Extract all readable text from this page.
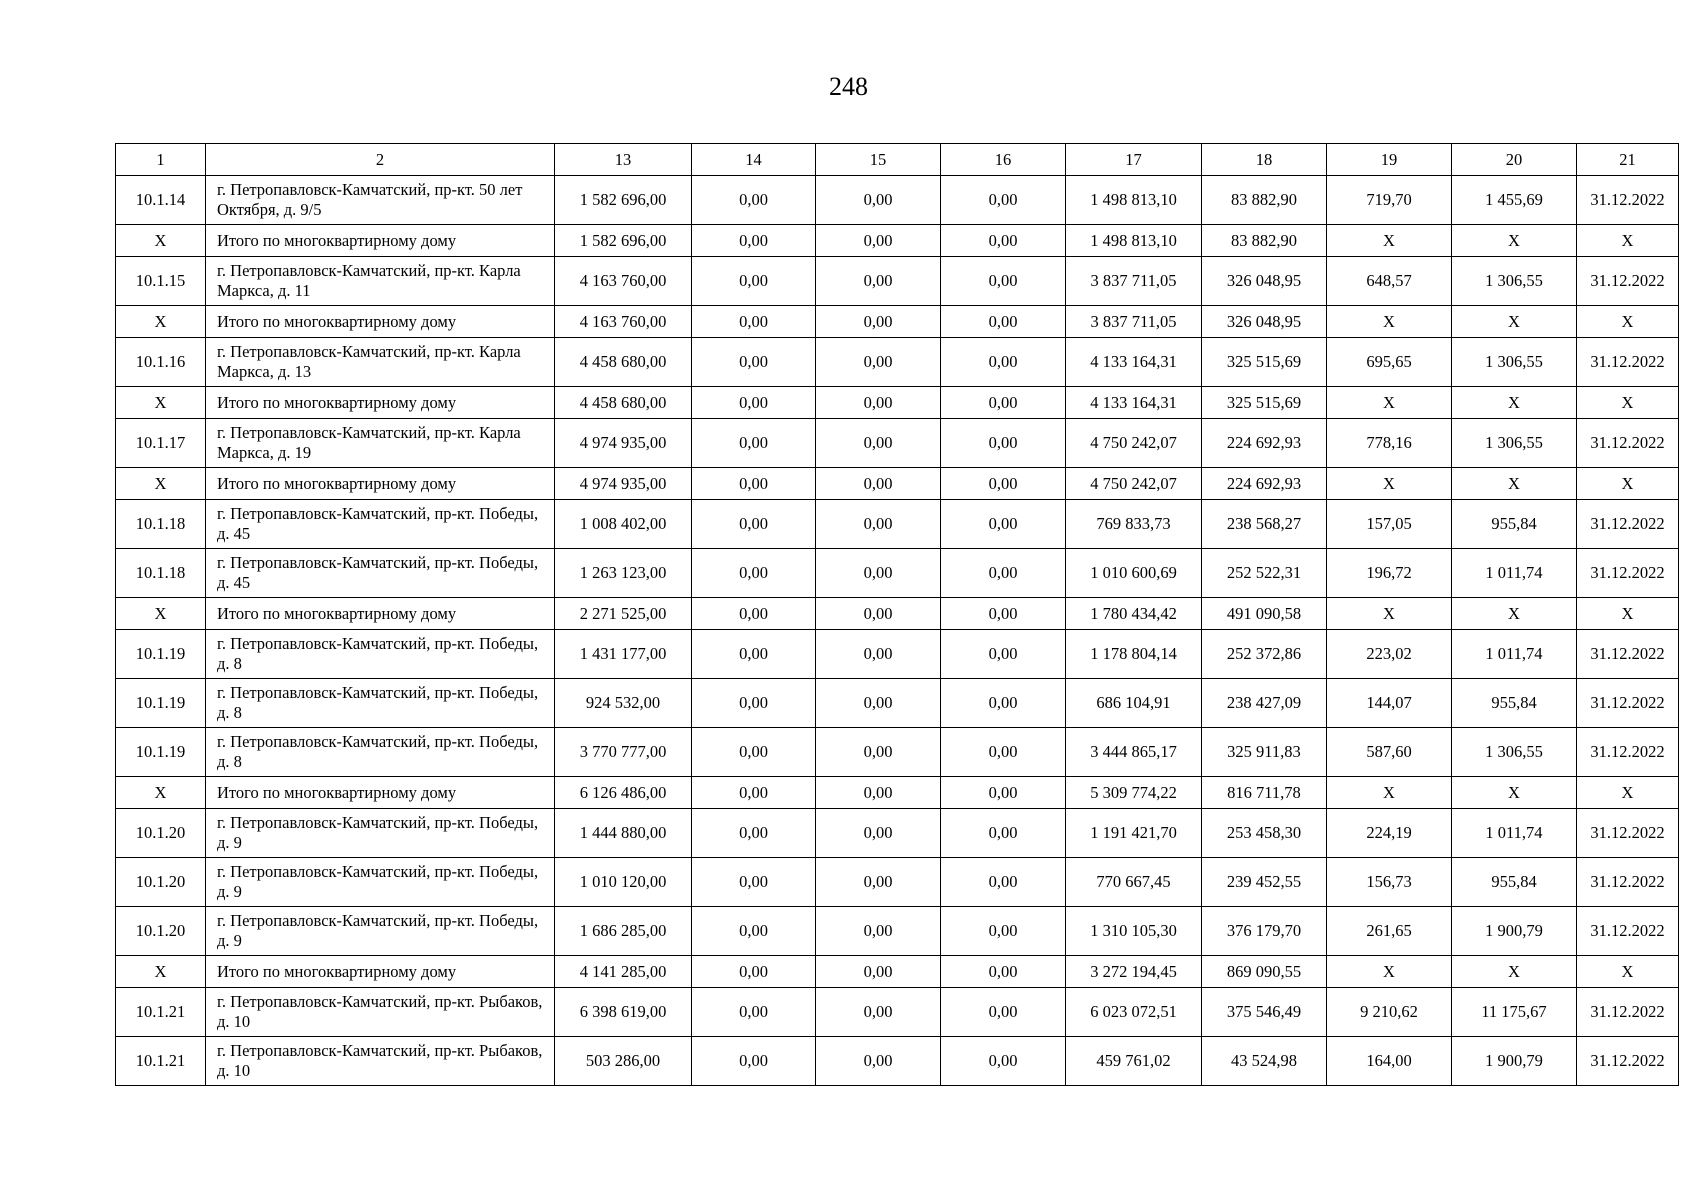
248
1	2	13	14	15	16	17	18	19	20	21
10.1.14	г. Петропавловск-Камчатский, пр-кт. 50 лет Октября, д. 9/5	1 582 696,00	0,00	0,00	0,00	1 498 813,10	83 882,90	719,70	1 455,69	31.12.2022
X	Итого по многоквартирному дому	1 582 696,00	0,00	0,00	0,00	1 498 813,10	83 882,90	X	X	X
10.1.15	г. Петропавловск-Камчатский, пр-кт. Карла Маркса, д. 11	4 163 760,00	0,00	0,00	0,00	3 837 711,05	326 048,95	648,57	1 306,55	31.12.2022
X	Итого по многоквартирному дому	4 163 760,00	0,00	0,00	0,00	3 837 711,05	326 048,95	X	X	X
10.1.16	г. Петропавловск-Камчатский, пр-кт. Карла Маркса, д. 13	4 458 680,00	0,00	0,00	0,00	4 133 164,31	325 515,69	695,65	1 306,55	31.12.2022
X	Итого по многоквартирному дому	4 458 680,00	0,00	0,00	0,00	4 133 164,31	325 515,69	X	X	X
10.1.17	г. Петропавловск-Камчатский, пр-кт. Карла Маркса, д. 19	4 974 935,00	0,00	0,00	0,00	4 750 242,07	224 692,93	778,16	1 306,55	31.12.2022
X	Итого по многоквартирному дому	4 974 935,00	0,00	0,00	0,00	4 750 242,07	224 692,93	X	X	X
10.1.18	г. Петропавловск-Камчатский, пр-кт. Победы, д. 45	1 008 402,00	0,00	0,00	0,00	769 833,73	238 568,27	157,05	955,84	31.12.2022
10.1.18	г. Петропавловск-Камчатский, пр-кт. Победы, д. 45	1 263 123,00	0,00	0,00	0,00	1 010 600,69	252 522,31	196,72	1 011,74	31.12.2022
X	Итого по многоквартирному дому	2 271 525,00	0,00	0,00	0,00	1 780 434,42	491 090,58	X	X	X
10.1.19	г. Петропавловск-Камчатский, пр-кт. Победы, д. 8	1 431 177,00	0,00	0,00	0,00	1 178 804,14	252 372,86	223,02	1 011,74	31.12.2022
10.1.19	г. Петропавловск-Камчатский, пр-кт. Победы, д. 8	924 532,00	0,00	0,00	0,00	686 104,91	238 427,09	144,07	955,84	31.12.2022
10.1.19	г. Петропавловск-Камчатский, пр-кт. Победы, д. 8	3 770 777,00	0,00	0,00	0,00	3 444 865,17	325 911,83	587,60	1 306,55	31.12.2022
X	Итого по многоквартирному дому	6 126 486,00	0,00	0,00	0,00	5 309 774,22	816 711,78	X	X	X
10.1.20	г. Петропавловск-Камчатский, пр-кт. Победы, д. 9	1 444 880,00	0,00	0,00	0,00	1 191 421,70	253 458,30	224,19	1 011,74	31.12.2022
10.1.20	г. Петропавловск-Камчатский, пр-кт. Победы, д. 9	1 010 120,00	0,00	0,00	0,00	770 667,45	239 452,55	156,73	955,84	31.12.2022
10.1.20	г. Петропавловск-Камчатский, пр-кт. Победы, д. 9	1 686 285,00	0,00	0,00	0,00	1 310 105,30	376 179,70	261,65	1 900,79	31.12.2022
X	Итого по многоквартирному дому	4 141 285,00	0,00	0,00	0,00	3 272 194,45	869 090,55	X	X	X
10.1.21	г. Петропавловск-Камчатский, пр-кт. Рыбаков, д. 10	6 398 619,00	0,00	0,00	0,00	6 023 072,51	375 546,49	9 210,62	11 175,67	31.12.2022
10.1.21	г. Петропавловск-Камчатский, пр-кт. Рыбаков, д. 10	503 286,00	0,00	0,00	0,00	459 761,02	43 524,98	164,00	1 900,79	31.12.2022
